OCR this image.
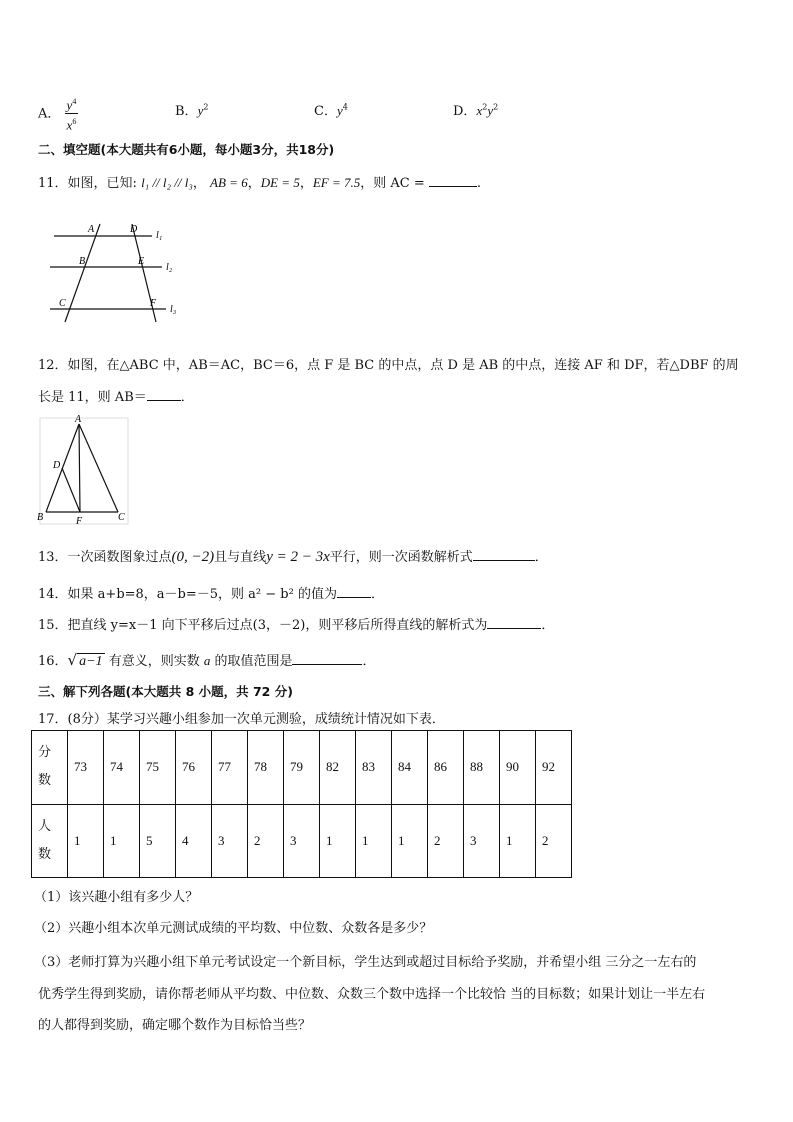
A． $\frac{y^4}{x^6}$	B．$y^2$	C．$y^4$	D．$x^2y^2$
二、填空题(本大题共有6小题，每小题3分，共18分)
11．如图，已知: l₁ // l₂ // l₃， AB = 6，DE = 5，EF = 7.5，则 AC =	.
A	D
l₁
B	E
l₂
C	F
l₃
12．如图，在△ABC 中，AB＝AC，BC＝6，点 F 是 BC 的中点，点 D 是 AB 的中点，连接 AF 和 DF，若△DBF 的周
长是 11，则 AB＝	．
A
D
B	F	C
13．一次函数图象过点(0, −2)且与直线y = 2 − 3x平行，则一次函数解析式	．
14．如果 a+b=8，a－b=－5，则 a² − b² 的值为	．
15．把直线 y=x－1 向下平移后过点(3，－2)，则平移后所得直线的解析式为	．
16．√ a−1 有意义，则实数 a 的取值范围是	．
三、解下列各题(本大题共 8 小题，共 72 分)
17．(8分）某学习兴趣小组参加一次单元测验，成绩统计情况如下表．
分
数	73	74	75	76	77	78	79	82	83	84	86	88	90	92
人
数	1	1	5	4	3	2	3	1	1	1	2	3	1	2
（1）该兴趣小组有多少人？
（2）兴趣小组本次单元测试成绩的平均数、中位数、众数各是多少？
（3）老师打算为兴趣小组下单元考试设定一个新目标，学生达到或超过目标给予奖励，并希望小组 三分之一左右的
优秀学生得到奖励，请你帮老师从平均数、中位数、众数三个数中选择一个比较恰 当的目标数；如果计划让一半左右
的人都得到奖励，确定哪个数作为目标恰当些？
